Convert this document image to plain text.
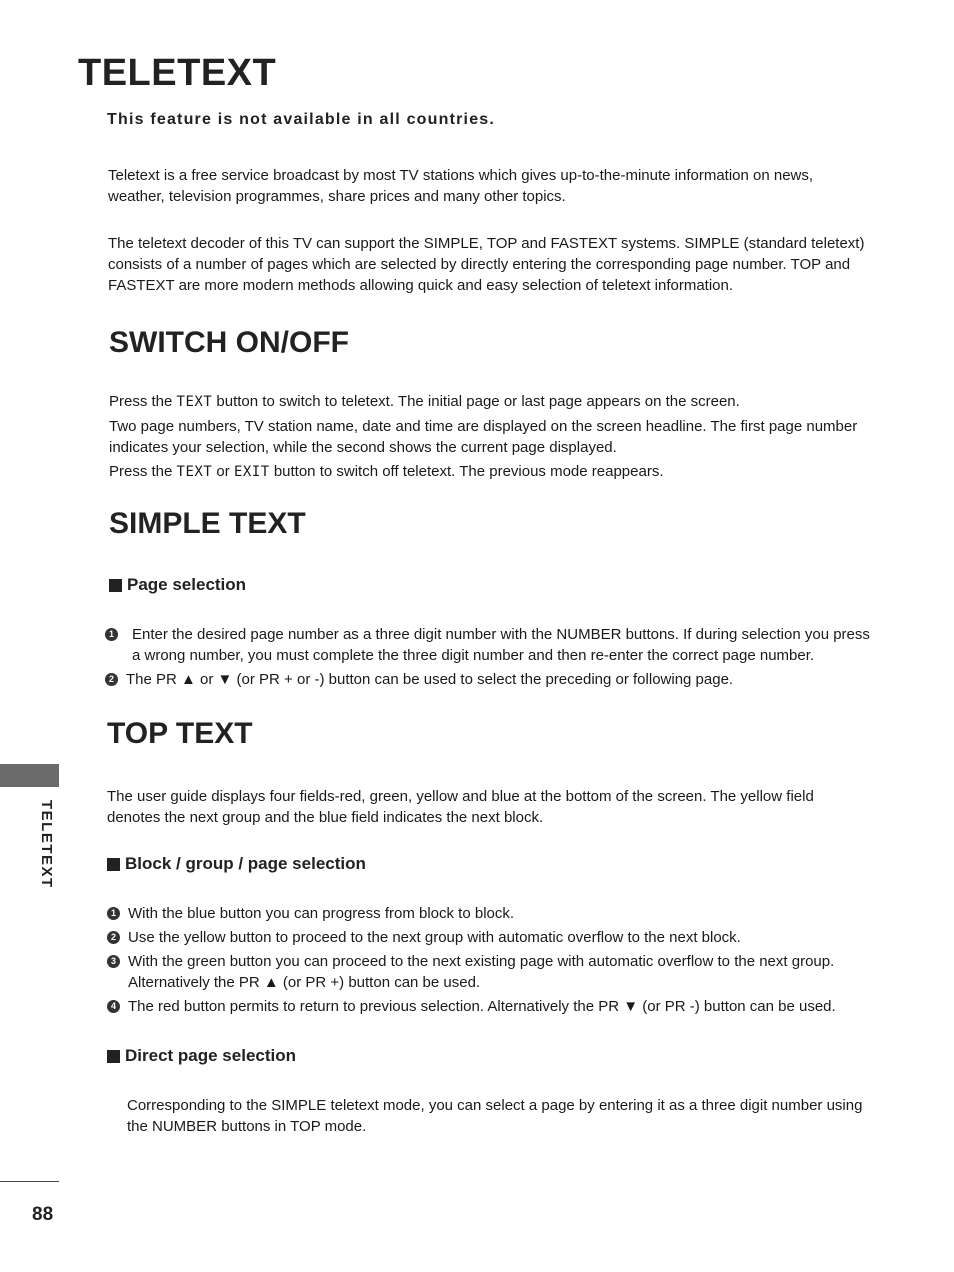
TELETEXT
This feature is not available in all countries.

Teletext is a free service broadcast by most TV stations which gives up-to-the-minute information on news, weather, television programmes, share prices and many other topics.

The teletext decoder of this TV can support the SIMPLE, TOP and FASTEXT systems. SIMPLE (standard teletext) consists of a number of pages which are selected by directly entering the corresponding page number. TOP and FASTEXT are more modern methods allowing quick and easy selection of teletext information.

SWITCH ON/OFF

Press the TEXT button to switch to teletext. The initial page or last page appears on the screen.

Two page numbers, TV station name, date and time are displayed on the screen headline. The first page number indicates your selection, while the second shows the current page displayed.

Press the TEXT or EXIT button to switch off teletext. The previous mode reappears.

SIMPLE TEXT
Page selection
1	Enter the desired page number as a three digit number with the NUMBER buttons. If during selection you press a wrong number, you must complete the three digit number and then re-enter the correct page number.
2 The PR ▲ or ▼ (or PR + or -) button can be used to select the preceding or following page.
TOP TEXT

The user guide displays four fields-red, green, yellow and blue at the bottom of the screen. The yellow field denotes the next group and the blue field indicates the next block.

Block / group / page selection
1 With the blue button you can progress from block to block.
2 Use the yellow button to proceed to the next group with automatic overflow to the next block.
3 With the green button you can proceed to the next existing page with automatic overflow to the next group. Alternatively the PR ▲ (or PR +) button can be used.
4 The red button permits to return to previous selection. Alternatively the PR ▼ (or PR -) button can be used.
Direct page selection

Corresponding to the SIMPLE teletext mode, you can select a page by entering it as a three digit number using the NUMBER buttons in TOP mode.

TELETEXT
88
